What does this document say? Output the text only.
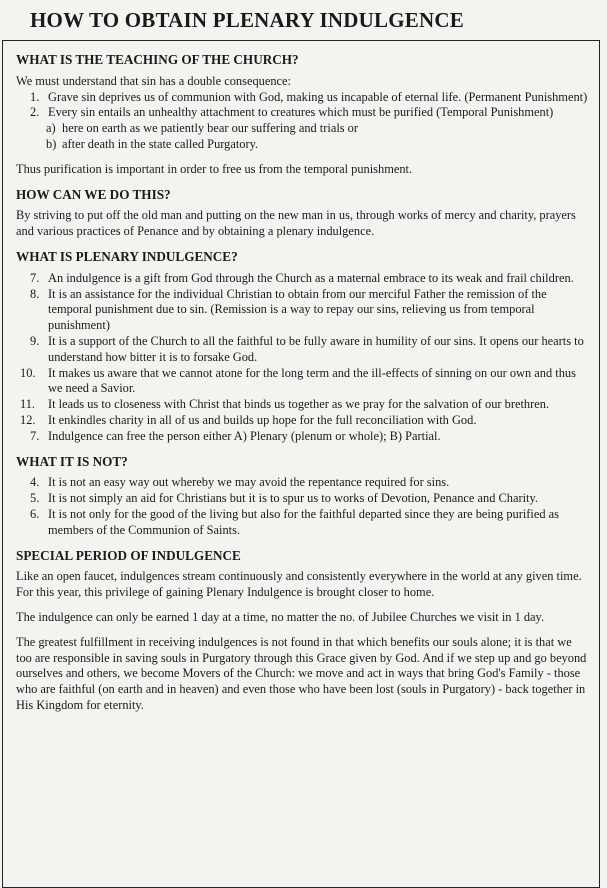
HOW TO OBTAIN PLENARY INDULGENCE
WHAT IS THE TEACHING OF THE CHURCH?
We must understand that sin has a double consequence:
1. Grave sin deprives us of communion with God, making us incapable of eternal life. (Permanent Punishment)
2. Every sin entails an unhealthy attachment to creatures which must be purified (Temporal Punishment)
a) here on earth as we patiently bear our suffering and trials or
b) after death in the state called Purgatory.

Thus purification is important in order to free us from the temporal punishment.

HOW CAN WE DO THIS?

By striving to put off the old man and putting on the new man in us, through works of mercy and charity, prayers and various practices of Penance and by obtaining a plenary indulgence.

WHAT IS PLENARY INDULGENCE?
7. An indulgence is a gift from God through the Church as a maternal embrace to its weak and frail children.
8. It is an assistance for the individual Christian to obtain from our merciful Father the remission of the temporal punishment due to sin. (Remission is a way to repay our sins, relieving us from temporal punishment)
9. It is a support of the Church to all the faithful to be fully aware in humility of our sins. It opens our hearts to understand how bitter it is to forsake God.
10. It makes us aware that we cannot atone for the long term and the ill-effects of sinning on our own and thus we need a Savior.
11. It leads us to closeness with Christ that binds us together as we pray for the salvation of our brethren.
12. It enkindles charity in all of us and builds up hope for the full reconciliation with God.
7. Indulgence can free the person either A) Plenary (plenum or whole); B) Partial.
WHAT IT IS NOT?
4. It is not an easy way out whereby we may avoid the repentance required for sins.
5. It is not simply an aid for Christians but it is to spur us to works of Devotion, Penance and Charity.
6. It is not only for the good of the living but also for the faithful departed since they are being purified as members of the Communion of Saints.
SPECIAL PERIOD OF INDULGENCE

Like an open faucet, indulgences stream continuously and consistently everywhere in the world at any given time. For this year, this privilege of gaining Plenary Indulgence is brought closer to home.

The indulgence can only be earned 1 day at a time, no matter the no. of Jubilee Churches we visit in 1 day.

The greatest fulfillment in receiving indulgences is not found in that which benefits our souls alone; it is that we too are responsible in saving souls in Purgatory through this Grace given by God. And if we step up and go beyond ourselves and others, we become Movers of the Church: we move and act in ways that bring God's Family - those who are faithful (on earth and in heaven) and even those who have been lost (souls in Purgatory) - back together in His Kingdom for eternity.
